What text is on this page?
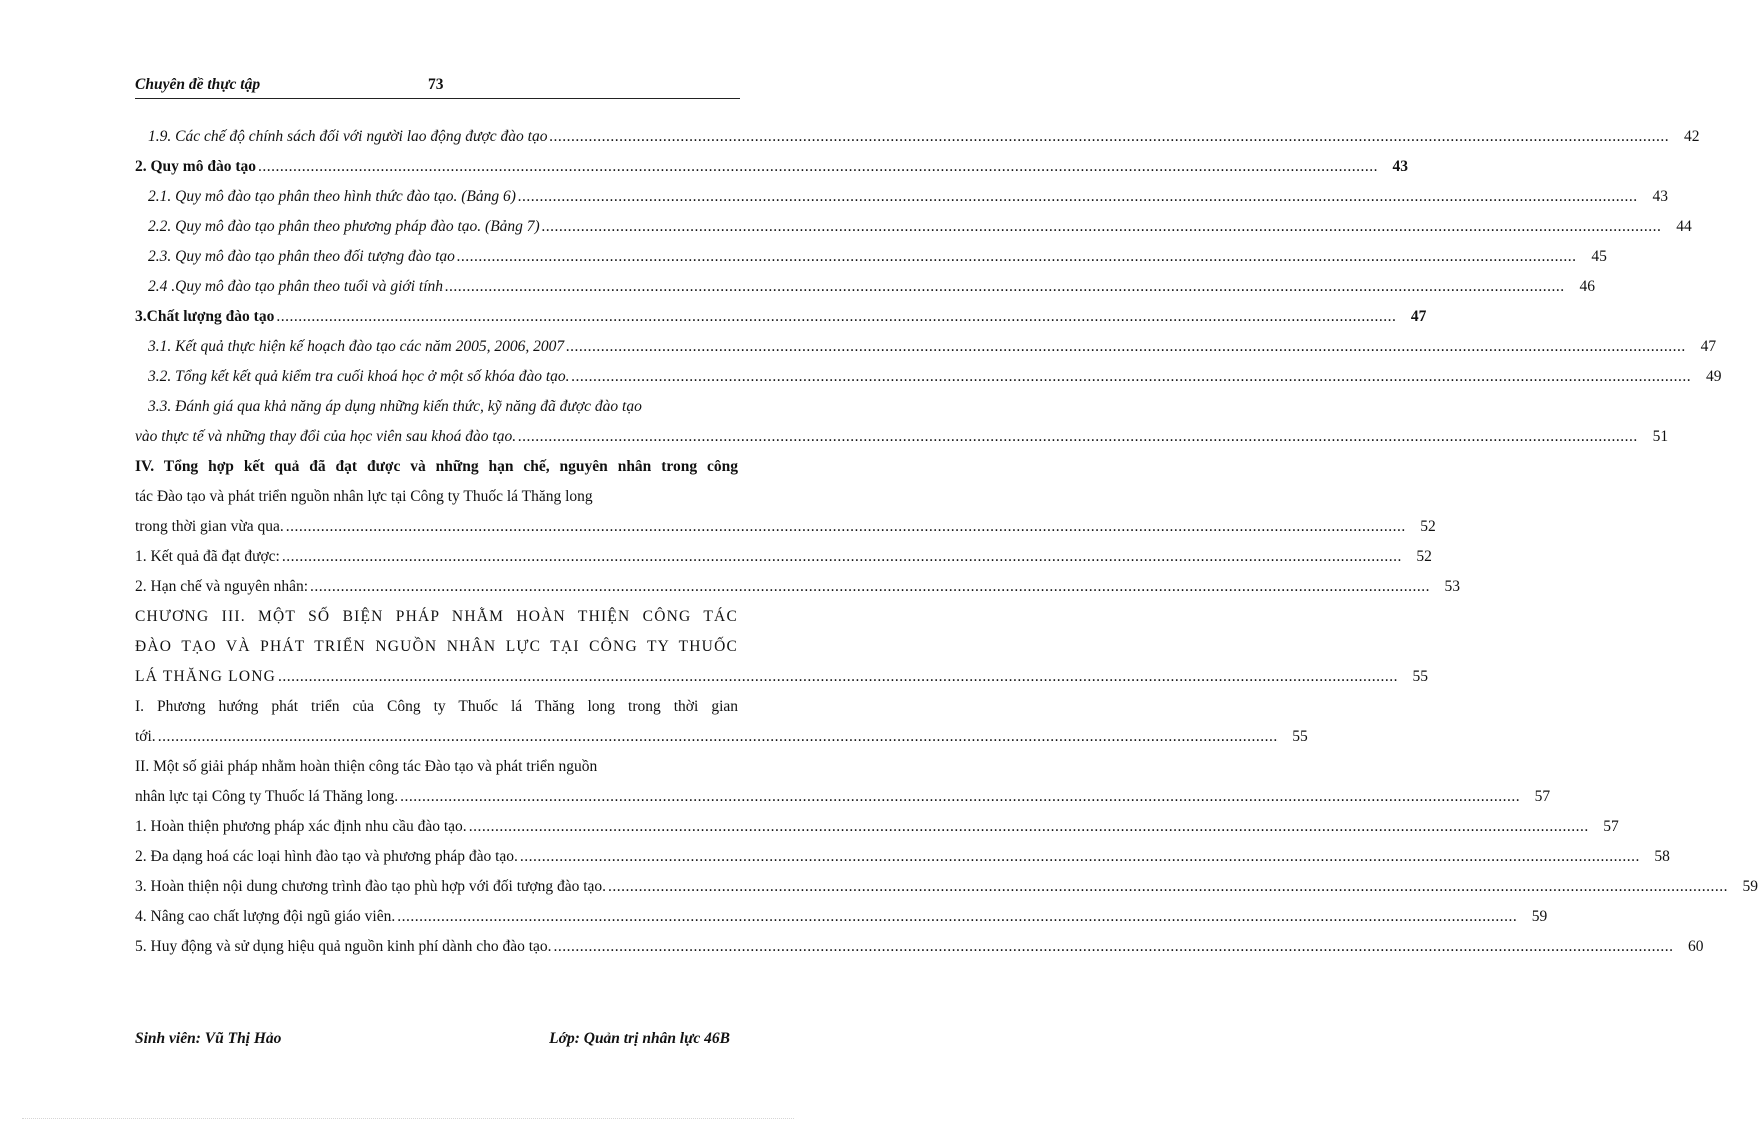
Chuyên đề thực tập	73
1.9. Các chế độ chính sách đối với người lao động được đào tạo .....	42
2. Quy mô đào tạo .....	43
2.1. Quy mô đào tạo phân theo hình thức đào tạo. (Bảng 6) .....	43
2.2. Quy mô đào tạo phân theo phương pháp đào tạo. (Bảng 7) .....	44
2.3. Quy mô đào tạo phân theo đối tượng đào tạo .....	45
2.4 .Quy mô đào tạo phân theo tuổi và giới tính .....	46
3.Chất lượng đào tạo .....	47
3.1. Kết quả thực hiện kế hoạch đào tạo các năm 2005, 2006, 2007 .....	47
3.2. Tổng kết kết quả kiểm tra cuối khoá học ở một số khóa đào tạo. .....	49
3.3. Đánh giá qua khả năng áp dụng những kiến thức, kỹ năng đã được đào tạo
vào thực tế và những thay đổi của học viên sau khoá đào tạo. .....	51
IV. Tổng hợp kết quả đã đạt được và những hạn chế, nguyên nhân trong công
tác Đào tạo và phát triển nguồn nhân lực tại Công ty Thuốc lá Thăng long
trong thời gian vừa qua. .....	52
1. Kết quả đã đạt được: .....	52
2. Hạn chế và nguyên nhân: .....	53
CHƯƠNG III. MỘT SỐ BIỆN PHÁP NHẰM HOÀN THIỆN CÔNG TÁC
ĐÀO TẠO VÀ PHÁT TRIỂN NGUỒN NHÂN LỰC TẠI CÔNG TY THUỐC
LÁ THĂNG LONG .....	55
I. Phương hướng phát triển của Công ty Thuốc lá Thăng long trong thời gian
tới. .....	55
II. Một số giải pháp nhằm hoàn thiện công tác Đào tạo và phát triển nguồn
nhân lực tại Công ty Thuốc lá Thăng long. .....	57
1. Hoàn thiện phương pháp xác định nhu cầu đào tạo. .....	57
2. Đa dạng hoá các loại hình đào tạo và phương pháp đào tạo. .....	58
3. Hoàn thiện nội dung chương trình đào tạo phù hợp với đối tượng đào tạo. .....	59
4. Nâng cao chất lượng đội ngũ giáo viên. .....	59
5. Huy động và sử dụng hiệu quả nguồn kinh phí dành cho đào tạo. .....	60
Sinh viên: Vũ Thị Hảo	Lớp: Quản trị nhân lực 46B
